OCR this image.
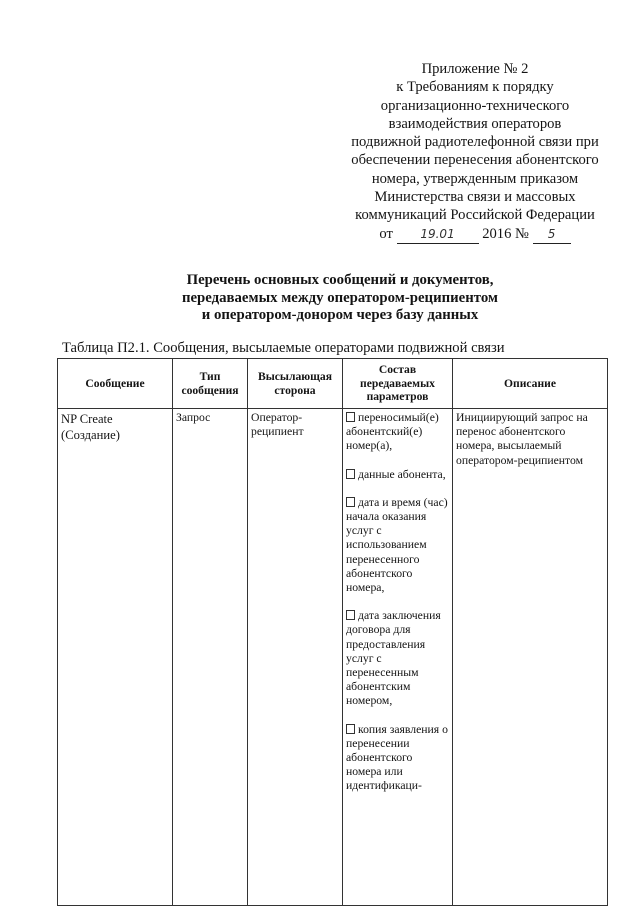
Приложение № 2
к Требованиям к порядку
организационно-технического
взаимодействия операторов
подвижной радиотелефонной связи при
обеспечении перенесения абонентского
номера, утвержденным приказом
Министерства связи и массовых
коммуникаций Российской Федерации
от 19.01 2016 № 5
Перечень основных сообщений и документов,
передаваемых между оператором-реципиентом
и оператором-донором через базу данных
Таблица П2.1. Сообщения, высылаемые операторами подвижной связи
Сообщение	Тип сообщения	Высылающая сторона	Состав передаваемых параметров	Описание
NP Create (Создание)	Запрос	Оператор-реципиент	переносимый(е) абонентский(е) номер(а),
данные абонента,
дата и время (час) начала оказания услуг с использованием перенесенного абонентского номера,
дата заключения договора для предоставления услуг с перенесенным абонентским номером,
копия заявления о перенесении абонентского номера или идентификаци-	Инициирующий запрос на перенос абонентского номера, высылаемый оператором-реципиентом
